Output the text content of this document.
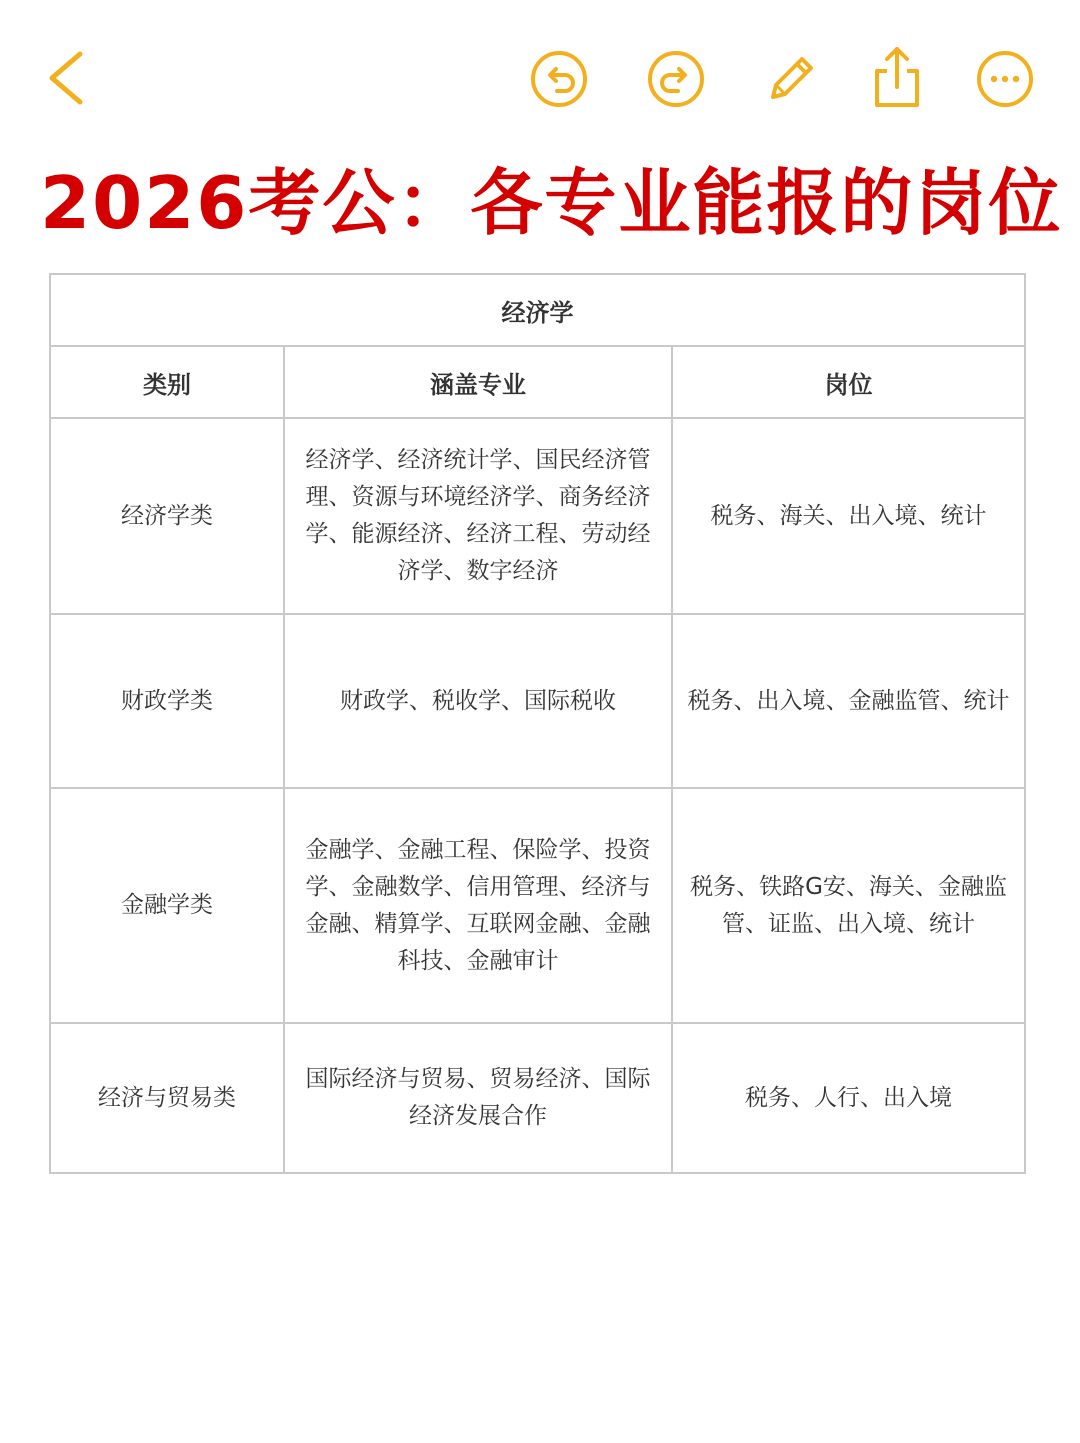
2026考公：各专业能报的岗位
经济学		
类别	涵盖专业	岗位
经济学类	经济学、经济统计学、国民经济管理、资源与环境经济学、商务经济学、能源经济、经济工程、劳动经济学、数字经济	税务、海关、出入境、统计
财政学类	财政学、税收学、国际税收	税务、出入境、金融监管、统计
金融学类	金融学、金融工程、保险学、投资学、金融数学、信用管理、经济与金融、精算学、互联网金融、金融科技、金融审计	税务、铁路G安、海关、金融监管、证监、出入境、统计
经济与贸易类	国际经济与贸易、贸易经济、国际经济发展合作	税务、人行、出入境
